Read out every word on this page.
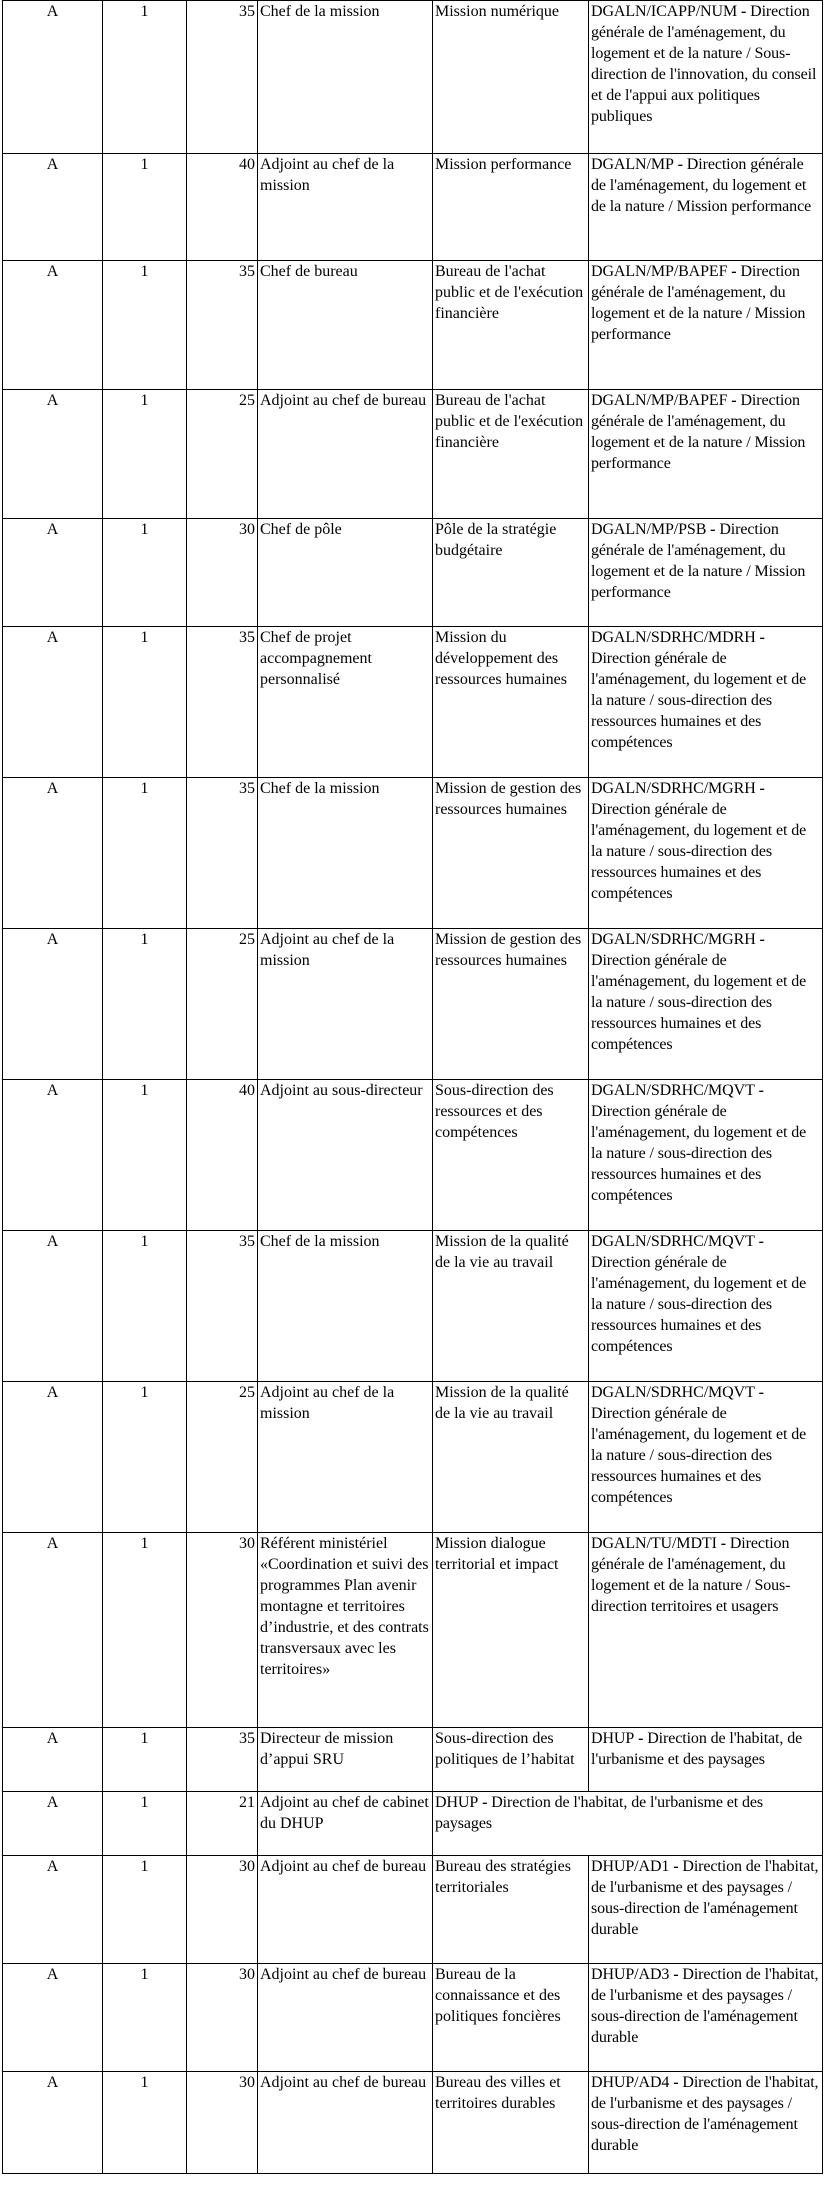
A	1	35	Chef de la mission	Mission numérique	DGALN/ICAPP/NUM - Direction générale de l'aménagement, du logement et de la nature / Sous-direction de l'innovation, du conseil et de l'appui aux politiques publiques
A	1	40	Adjoint au chef de la mission	Mission performance	DGALN/MP - Direction générale de l'aménagement, du logement et de la nature / Mission performance
A	1	35	Chef de bureau	Bureau de l'achat public et de l'exécution financière	DGALN/MP/BAPEF - Direction générale de l'aménagement, du logement et de la nature / Mission performance
A	1	25	Adjoint au chef de bureau	Bureau de l'achat public et de l'exécution financière	DGALN/MP/BAPEF - Direction générale de l'aménagement, du logement et de la nature / Mission performance
A	1	30	Chef de pôle	Pôle de la stratégie budgétaire	DGALN/MP/PSB - Direction générale de l'aménagement, du logement et de la nature / Mission performance
A	1	35	Chef de projet accompagnement personnalisé	Mission du développement des ressources humaines	DGALN/SDRHC/MDRH - Direction générale de l'aménagement, du logement et de la nature / sous-direction des ressources humaines et des compétences
A	1	35	Chef de la mission	Mission de gestion des ressources humaines	DGALN/SDRHC/MGRH - Direction générale de l'aménagement, du logement et de la nature / sous-direction des ressources humaines et des compétences
A	1	25	Adjoint au chef de la mission	Mission de gestion des ressources humaines	DGALN/SDRHC/MGRH - Direction générale de l'aménagement, du logement et de la nature / sous-direction des ressources humaines et des compétences
A	1	40	Adjoint au sous-directeur	Sous-direction des ressources et des compétences	DGALN/SDRHC/MQVT - Direction générale de l'aménagement, du logement et de la nature / sous-direction des ressources humaines et des compétences
A	1	35	Chef de la mission	Mission de la qualité de la vie au travail	DGALN/SDRHC/MQVT - Direction générale de l'aménagement, du logement et de la nature / sous-direction des ressources humaines et des compétences
A	1	25	Adjoint au chef de la mission	Mission de la qualité de la vie au travail	DGALN/SDRHC/MQVT - Direction générale de l'aménagement, du logement et de la nature / sous-direction des ressources humaines et des compétences
A	1	30	Référent ministériel «Coordination et suivi des programmes Plan avenir montagne et territoires d’industrie, et des contrats transversaux avec les territoires»	Mission dialogue territorial et impact	DGALN/TU/MDTI - Direction générale de l'aménagement, du logement et de la nature / Sous-direction territoires et usagers
A	1	35	Directeur de mission d’appui SRU	Sous-direction des politiques de l’habitat	DHUP - Direction de l'habitat, de l'urbanisme et des paysages
A	1	21	Adjoint au chef de cabinet du DHUP	DHUP - Direction de l'habitat, de l'urbanisme et des paysages	
A	1	30	Adjoint au chef de bureau	Bureau des stratégies territoriales	DHUP/AD1 - Direction de l'habitat, de l'urbanisme et des paysages / sous-direction de l'aménagement durable
A	1	30	Adjoint au chef de bureau	Bureau de la connaissance et des politiques foncières	DHUP/AD3 - Direction de l'habitat, de l'urbanisme et des paysages / sous-direction de l'aménagement durable
A	1	30	Adjoint au chef de bureau	Bureau des villes et territoires durables	DHUP/AD4 - Direction de l'habitat, de l'urbanisme et des paysages / sous-direction de l'aménagement durable
